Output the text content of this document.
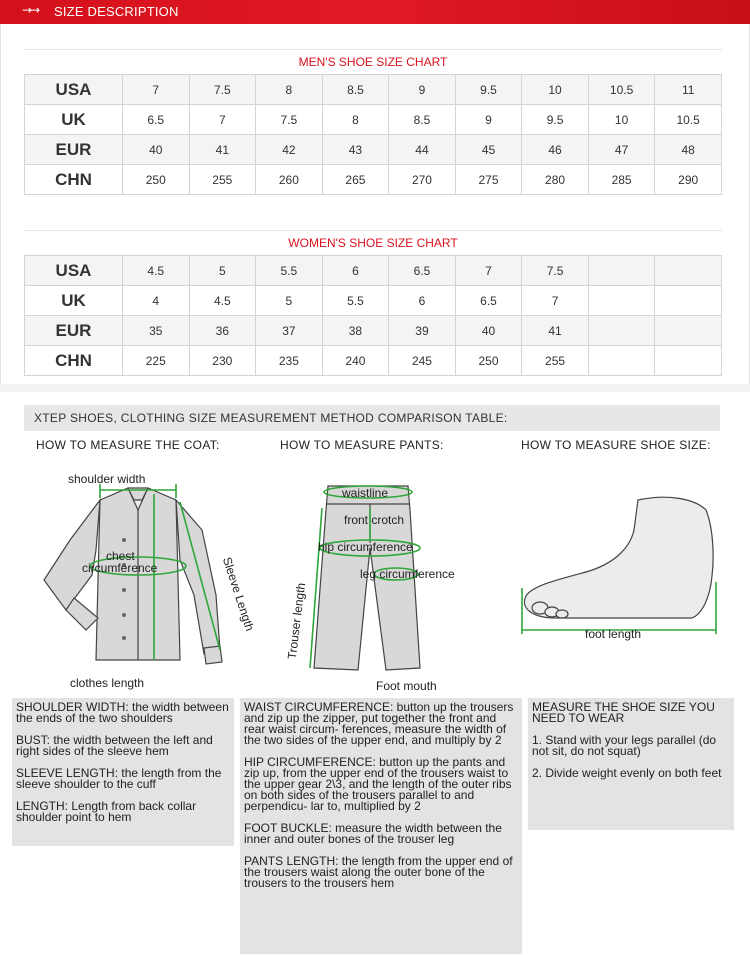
→→ SIZE DESCRIPTION
MEN'S SHOE SIZE CHART
USA	7	7.5	8	8.5	9	9.5	10	10.5	11
UK	6.5	7	7.5	8	8.5	9	9.5	10	10.5
EUR	40	41	42	43	44	45	46	47	48
CHN	250	255	260	265	270	275	280	285	290
WOMEN'S SHOE SIZE CHART
USA	4.5	5	5.5	6	6.5	7	7.5		
UK	4	4.5	5	5.5	6	6.5	7		
EUR	35	36	37	38	39	40	41		
CHN	225	230	235	240	245	250	255		
XTEP SHOES, CLOTHING SIZE MEASUREMENT METHOD COMPARISON TABLE:
HOW TO MEASURE THE COAT:	HOW TO MEASURE PANTS:	HOW TO MEASURE SHOE SIZE:
shoulder width
chest
circumference	Sleeve Length
clothes length
waistline
front crotch
hip circumference
leg circumference
Trouser length
Foot mouth
foot length

SHOULDER WIDTH: the width between the ends of the two shoulders

BUST: the width between the left and right sides of the sleeve hem

SLEEVE LENGTH: the length from the sleeve shoulder to the cuff

LENGTH: Length from back collar shoulder point to hem

WAIST CIRCUMFERENCE: button up the trousers and zip up the zipper, put together the front and rear waist circum- ferences, measure the width of the two sides of the upper end, and multiply by 2

HIP CIRCUMFERENCE: button up the pants and zip up, from the upper end of the trousers waist to the upper gear 2\3, and the length of the outer ribs on both sides of the trousers parallel to and perpendicu- lar to, multiplied by 2

FOOT BUCKLE: measure the width between the inner and outer bones of the trouser leg

PANTS LENGTH: the length from the upper end of the trousers waist along the outer bone of the trousers to the trousers hem

MEASURE THE SHOE SIZE YOU NEED TO WEAR

1. Stand with your legs parallel (do not sit, do not squat)

2. Divide weight evenly on both feet
